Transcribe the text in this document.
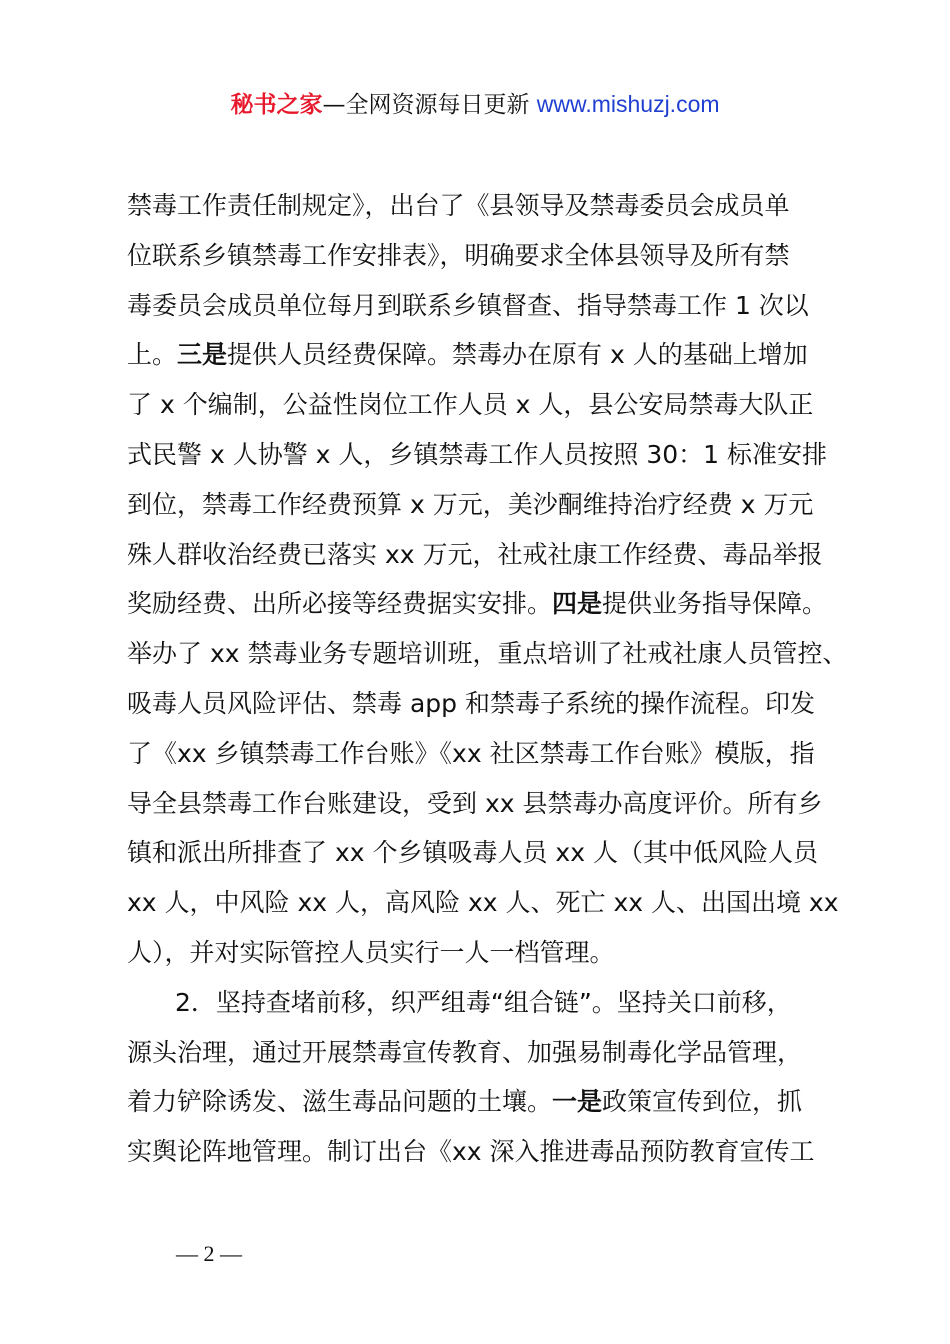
秘书之家—全网资源每日更新 www.mishuzj.com
禁毒工作责任制规定》，出台了《县领导及禁毒委员会成员单
位联系乡镇禁毒工作安排表》，明确要求全体县领导及所有禁
毒委员会成员单位每月到联系乡镇督查、指导禁毒工作 1 次以
上。三是提供人员经费保障。禁毒办在原有 x 人的基础上增加
了 x 个编制，公益性岗位工作人员 x 人，县公安局禁毒大队正
式民警 x 人协警 x 人，乡镇禁毒工作人员按照 30：1 标准安排
到位，禁毒工作经费预算 x 万元，美沙酮维持治疗经费 x 万元
殊人群收治经费已落实 xx 万元，社戒社康工作经费、毒品举报
奖励经费、出所必接等经费据实安排。四是提供业务指导保障。
举办了 xx 禁毒业务专题培训班，重点培训了社戒社康人员管控、
吸毒人员风险评估、禁毒 app 和禁毒子系统的操作流程。印发
了《xx 乡镇禁毒工作台账》《xx 社区禁毒工作台账》模版，指
导全县禁毒工作台账建设，受到 xx 县禁毒办高度评价。所有乡
镇和派出所排查了 xx 个乡镇吸毒人员 xx 人（其中低风险人员
xx 人，中风险 xx 人，高风险 xx 人、死亡 xx 人、出国出境 xx
人），并对实际管控人员实行一人一档管理。
2．坚持查堵前移，织严组毒“组合链”。坚持关口前移，
源头治理，通过开展禁毒宣传教育、加强易制毒化学品管理，
着力铲除诱发、滋生毒品问题的土壤。一是政策宣传到位，抓
实舆论阵地管理。制订出台《xx 深入推进毒品预防教育宣传工
— 2 —
